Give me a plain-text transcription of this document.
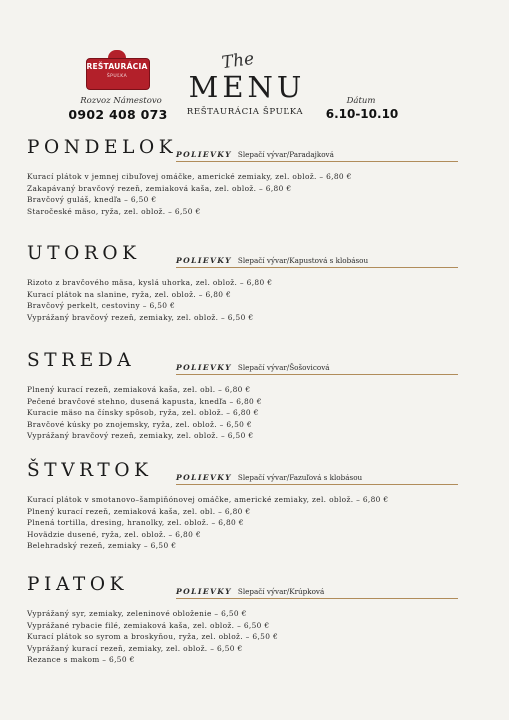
REŠTAURÁCIA
ŠPUĽKA
Rozvoz Námestovo
0902 408 073
The
MENU
REŠTAURÁCIA ŠPUĽKA
Dátum
6.10-10.10
PONDELOK
POLIEVKY Slepačí vývar/Paradajková
Kurací plátok v jemnej cibuľovej omáčke, americké zemiaky, zel. oblož. – 6,80 €
Zakapávaný bravčový rezeň, zemiaková kaša, zel. oblož. – 6,80 €
Bravčový guláš, knedľa – 6,50 €
Staročeské mäso, ryža, zel. oblož. – 6,50 €
UTOROK	POLIEVKY Slepačí vývar/Kapustová s klobásou
Rizoto z bravčového mäsa, kyslá uhorka, zel. oblož. – 6,80 €
Kurací plátok na slanine, ryža, zel. oblož. – 6,80 €
Bravčový perkelt, cestoviny – 6,50 €
Vyprážaný bravčový rezeň, zemiaky, zel. oblož. – 6,50 €
STREDA	POLIEVKY Slepačí vývar/Šošovicová
Plnený kurací rezeň, zemiaková kaša, zel. obl. – 6,80 €
Pečené bravčové stehno, dusená kapusta, knedľa – 6,80 €
Kuracie mäso na čínsky spôsob, ryža, zel. oblož. – 6,80 €
Bravčové kúsky po znojemsky, ryža, zel. oblož. – 6,50 €
Vyprážaný bravčový rezeň, zemiaky, zel. oblož. – 6,50 €
ŠTVRTOK	POLIEVKY Slepačí vývar/Fazuľová s klobásou
Kurací plátok v smotanovo–šampiňónovej omáčke, americké zemiaky, zel. oblož. – 6,80 €
Plnený kurací rezeň, zemiaková kaša, zel. obl. – 6,80 €
Plnená tortilla, dresing, hranolky, zel. oblož. – 6,80 €
Hovädzie dusené, ryža, zel. oblož. – 6,80 €
Belehradský rezeň, zemiaky – 6,50 €
PIATOK	POLIEVKY Slepačí vývar/Krúpková
Vyprážaný syr, zemiaky, zeleninové obloženie – 6,50 €
Vyprážané rybacie filé, zemiaková kaša, zel. oblož. – 6,50 €
Kurací plátok so syrom a broskyňou, ryža, zel. oblož. – 6,50 €
Vyprážaný kurací rezeň, zemiaky, zel. oblož. – 6,50 €
Rezance s makom – 6,50 €
